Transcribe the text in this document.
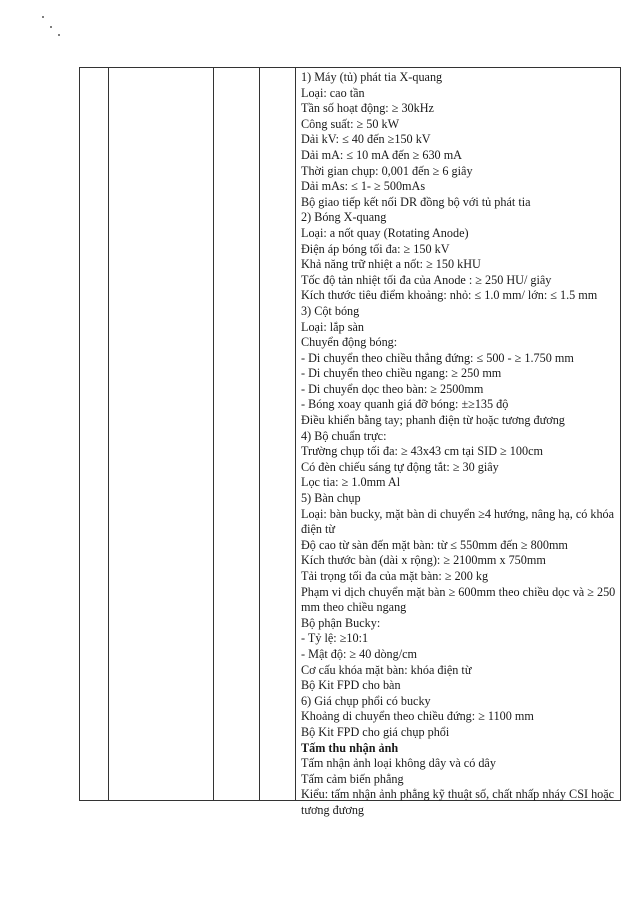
1) Máy (tủ) phát tia X-quang
Loại: cao tần
Tần số hoạt động: ≥ 30kHz
Công suất: ≥ 50 kW
Dải kV: ≤ 40 đến ≥150 kV
Dải mA: ≤ 10 mA đến ≥ 630 mA
Thời gian chụp: 0,001 đến ≥ 6 giây
Dải mAs: ≤ 1- ≥ 500mAs
Bộ giao tiếp kết nối DR đồng bộ với tủ phát tia
2) Bóng X-quang
Loại: a nốt quay (Rotating Anode)
Điện áp bóng tối đa: ≥ 150 kV
Khả năng trữ nhiệt a nốt: ≥ 150 kHU
Tốc độ tản nhiệt tối đa của Anode : ≥ 250 HU/ giây
Kích thước tiêu điểm khoảng: nhỏ: ≤ 1.0 mm/ lớn: ≤ 1.5 mm
3) Cột bóng
Loại: lắp sàn
Chuyển động bóng:
- Di chuyển theo chiều thẳng đứng: ≤ 500 - ≥ 1.750 mm
- Di chuyển theo chiều ngang: ≥ 250 mm
- Di chuyển dọc theo bàn: ≥ 2500mm
- Bóng xoay quanh giá đỡ bóng: ±≥135 độ
Điều khiển bằng tay; phanh điện từ hoặc tương đương
4) Bộ chuẩn trực:
Trường chụp tối đa: ≥ 43x43 cm tại SID ≥ 100cm
Có đèn chiếu sáng tự động tắt: ≥ 30 giây
Lọc tia: ≥ 1.0mm Al
5) Bàn chụp
Loại: bàn bucky, mặt bàn di chuyển ≥4 hướng, nâng hạ, có khóa điện từ
Độ cao từ sàn đến mặt bàn: từ ≤ 550mm đến ≥ 800mm
Kích thước bàn (dài x rộng): ≥ 2100mm x 750mm
Tải trọng tối đa của mặt bàn: ≥ 200 kg
Phạm vi dịch chuyển mặt bàn ≥ 600mm theo chiều dọc và ≥ 250 mm theo chiều ngang
Bộ phận Bucky:
- Tỷ lệ: ≥10:1
- Mật độ: ≥ 40 dòng/cm
Cơ cấu khóa mặt bàn: khóa điện từ
Bộ Kit FPD cho bàn
6) Giá chụp phổi có bucky
Khoảng di chuyển theo chiều đứng: ≥ 1100 mm
Bộ Kit FPD cho giá chụp phổi
Tấm thu nhận ảnh
Tấm nhận ảnh loại không dây và có dây
Tấm cảm biến phẳng
Kiểu: tấm nhận ảnh phẳng kỹ thuật số, chất nhấp nháy CSI hoặc tương đương
